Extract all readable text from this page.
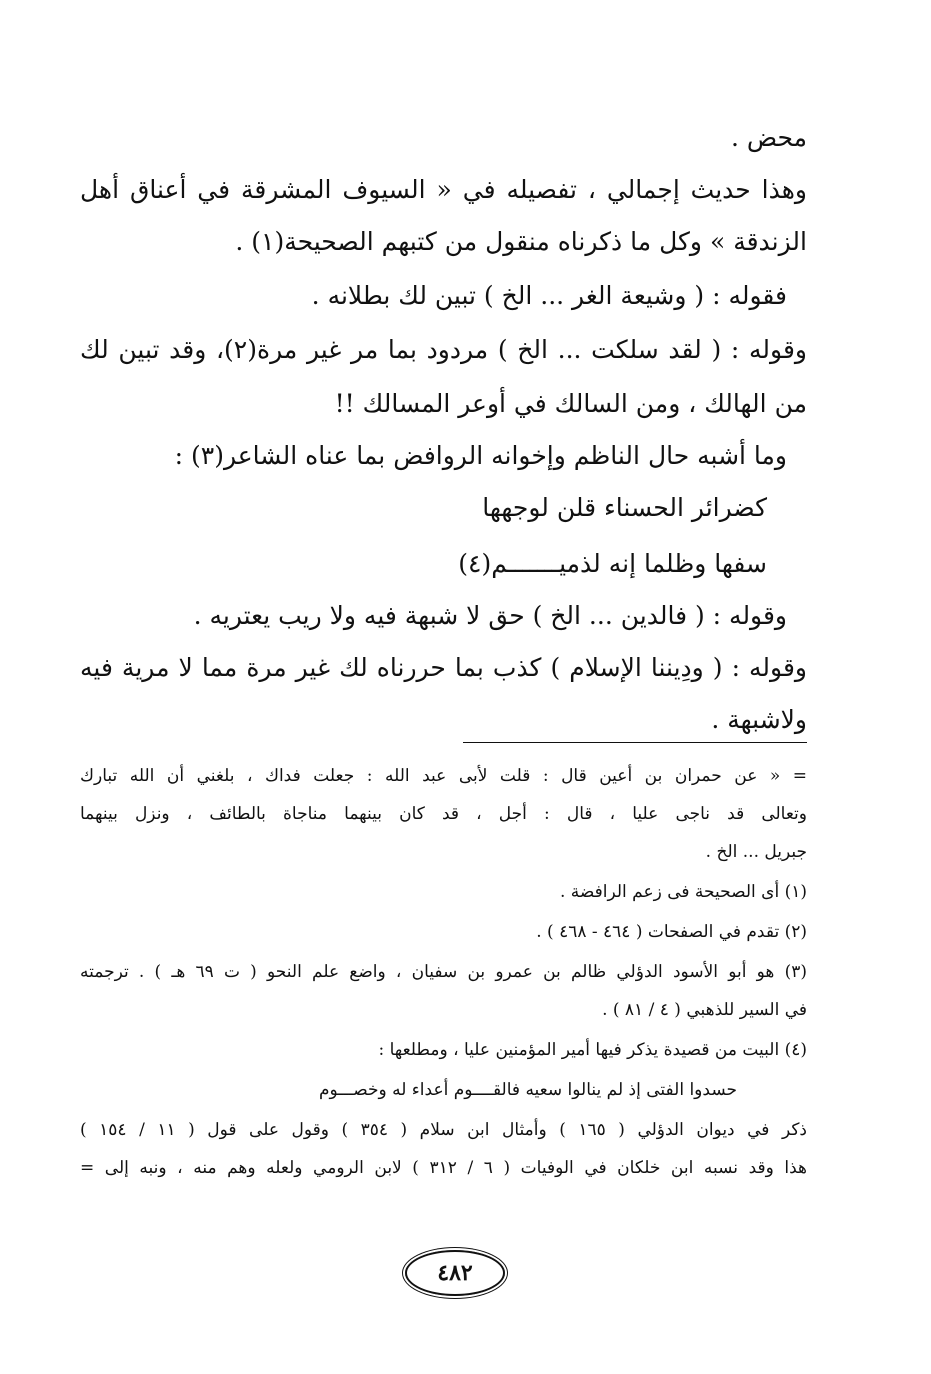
محض .

وهذا حديث إجمالي ، تفصيله في « السيوف المشرقة في أعناق أهل

الزندقة » وكل ما ذكرناه منقول من كتبهم الصحيحة(١) .

فقوله : ( وشيعة الغر ... الخ ) تبين لك بطلانه .

وقوله : ( لقد سلكت ... الخ ) مردود بما مر غير مرة(٢)، وقد تبين لك

من الهالك ، ومن السالك في أوعر المسالك !!

وما أشبه حال الناظم وإخوانه الروافض بما عناه الشاعر(٣) :

كضرائر الحسناء قلن لوجهها

سفها وظلما إنه لذميـــــــم(٤)

وقوله : ( فالدين ... الخ ) حق لا شبهة فيه ولا ريب يعتريه .

وقوله : ( ودِيننا الإسلام ) كذب بما حررناه لك غير مرة مما لا مرية فيه

ولاشبهة .

= « عن حمران بن أعين قال : قلت لأبى عبد الله : جعلت فداك ، بلغني أن الله تبارك

وتعالى قد ناجى عليا ، قال : أجل ، قد كان بينهما مناجاة بالطائف ، ونزل بينهما

جبريل ... الخ .

(١) أى الصحيحة فى زعم الرافضة .

(٢) تقدم في الصفحات ( ٤٦٤ - ٤٦٨ ) .

(٣) هو أبو الأسود الدؤلي ظالم بن عمرو بن سفيان ، واضع علم النحو ( ت ٦٩ هـ ) . ترجمته

في السير للذهبي ( ٤ / ٨١ ) .

(٤) البيت من قصيدة يذكر فيها أمير المؤمنين عليا ، ومطلعها :

حسدوا الفتى إذ لم ينالوا سعيه فالقــــوم أعداء له وخصـــوم

ذكر في ديوان الدؤلي ( ١٦٥ ) وأمثال ابن سلام ( ٣٥٤ ) وقول على قول ( ١١ / ١٥٤ )

هذا وقد نسبه ابن خلكان في الوفيات ( ٦ / ٣١٢ ) لابن الرومي ولعله وهم منه ، ونبه إلى =

٤٨٢
